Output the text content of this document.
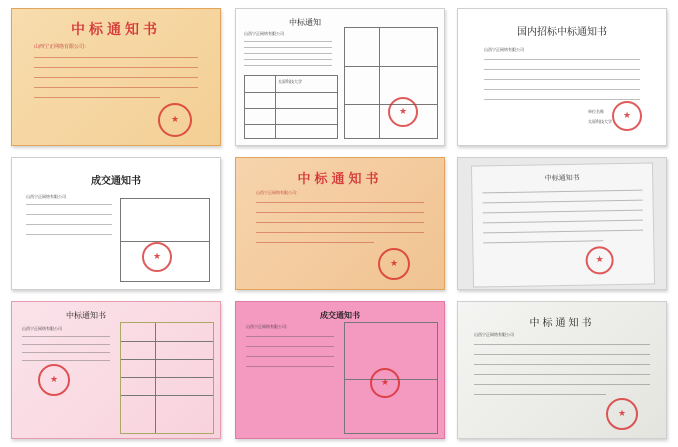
中标通知书
山西宁正网络有限公司：
★
中标通知
山西宁正网络有限公司
太原科技大学
★
国内招标中标通知书
山西宁正网络有限公司
单位名称
太原科技大学
★
成交通知书
山西宁正网络有限公司
★
中标通知书
山西宁正网络有限公司：
★
中标通知书
★
中标通知书
山西宁正网络有限公司
★
成交通知书
山西宁正网络有限公司：
★	中标通知书
山西宁正网络有限公司
★
